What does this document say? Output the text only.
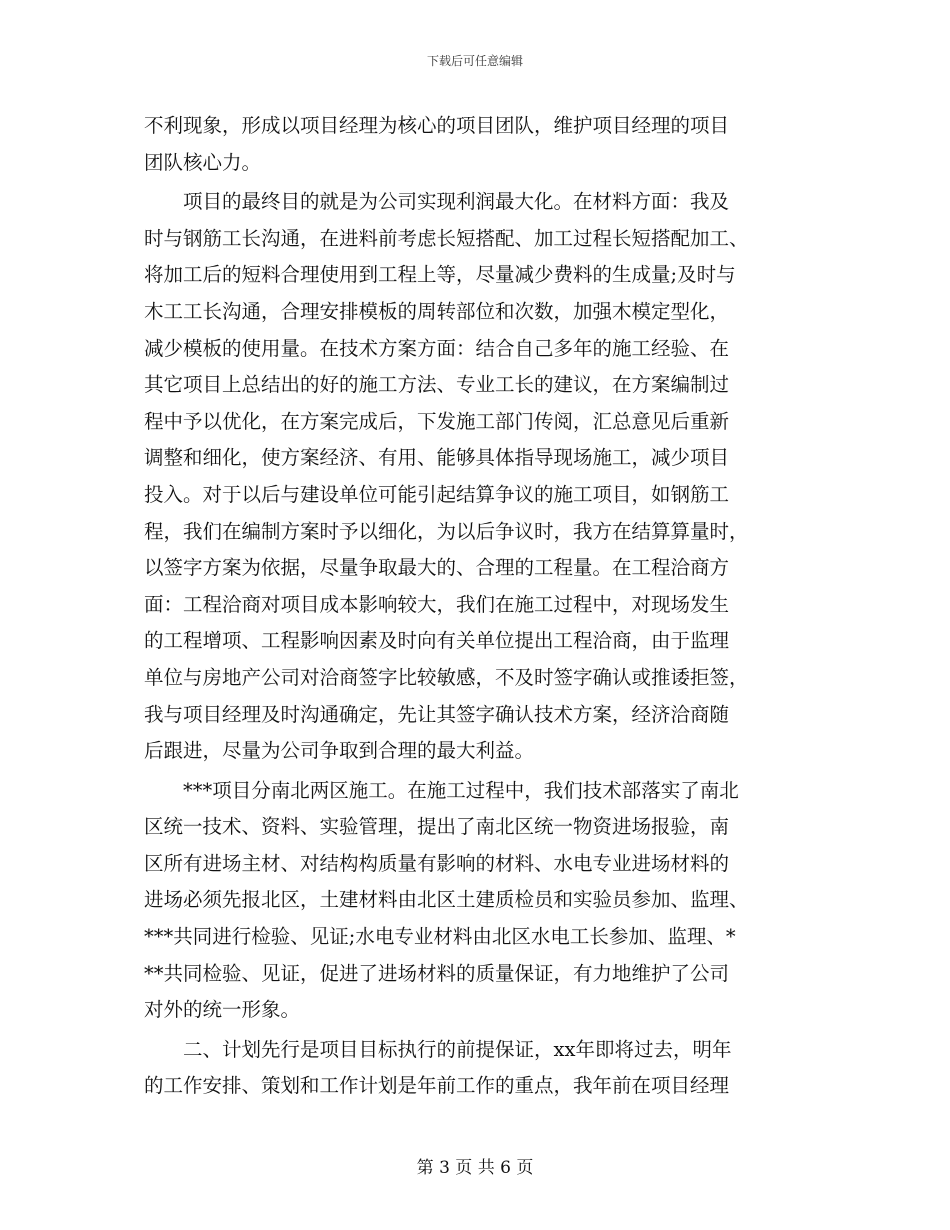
下载后可任意编辑
不利现象，形成以项目经理为核心的项目团队，维护项目经理的项目
团队核心力。
　　项目的最终目的就是为公司实现利润最大化。在材料方面：我及
时与钢筋工长沟通，在进料前考虑长短搭配、加工过程长短搭配加工、
将加工后的短料合理使用到工程上等，尽量减少费料的生成量;及时与
木工工长沟通，合理安排模板的周转部位和次数，加强木模定型化，
减少模板的使用量。在技术方案方面：结合自己多年的施工经验、在
其它项目上总结出的好的施工方法、专业工长的建议，在方案编制过
程中予以优化，在方案完成后，下发施工部门传阅，汇总意见后重新
调整和细化，使方案经济、有用、能够具体指导现场施工，减少项目
投入。对于以后与建设单位可能引起结算争议的施工项目，如钢筋工
程，我们在编制方案时予以细化，为以后争议时，我方在结算算量时，
以签字方案为依据，尽量争取最大的、合理的工程量。在工程洽商方
面：工程洽商对项目成本影响较大，我们在施工过程中，对现场发生
的工程增项、工程影响因素及时向有关单位提出工程洽商，由于监理
单位与房地产公司对洽商签字比较敏感，不及时签字确认或推诿拒签，
我与项目经理及时沟通确定，先让其签字确认技术方案，经济洽商随
后跟进，尽量为公司争取到合理的最大利益。
　　***项目分南北两区施工。在施工过程中，我们技术部落实了南北
区统一技术、资料、实验管理，提出了南北区统一物资进场报验，南
区所有进场主材、对结构构质量有影响的材料、水电专业进场材料的
进场必须先报北区，土建材料由北区土建质检员和实验员参加、监理、
***共同进行检验、见证;水电专业材料由北区水电工长参加、监理、*
**共同检验、见证，促进了进场材料的质量保证，有力地维护了公司
对外的统一形象。
　　二、计划先行是项目目标执行的前提保证，xx年即将过去，明年
的工作安排、策划和工作计划是年前工作的重点，我年前在项目经理
第 3 页 共 6 页
